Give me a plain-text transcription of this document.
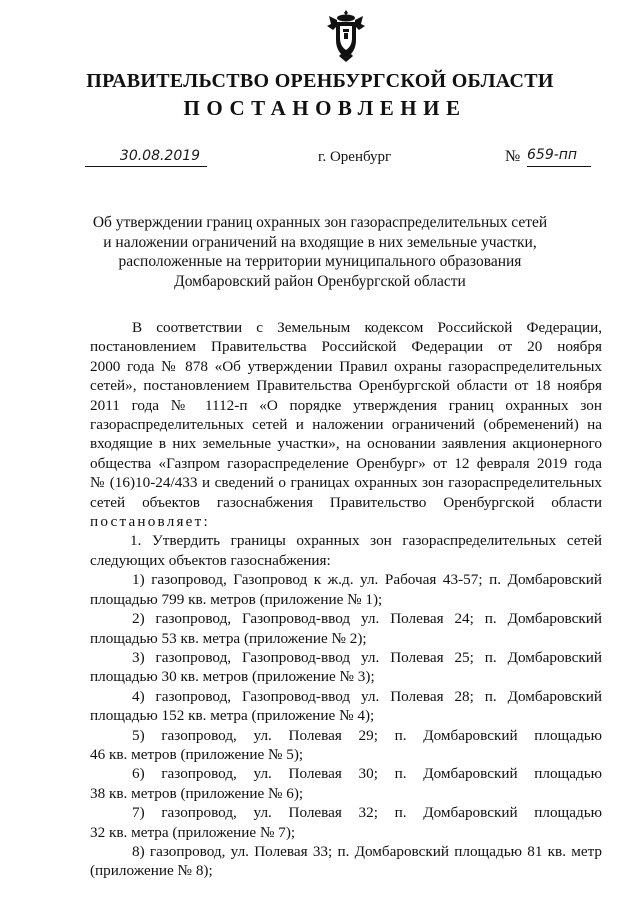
ПРАВИТЕЛЬСТВО ОРЕНБУРГСКОЙ ОБЛАСТИ
ПОСТАНОВЛЕНИЕ
30.08.2019	г. Оренбург	№ 659-пп
Об утверждении границ охранных зон газораспределительных сетей
и наложении ограничений на входящие в них земельные участки,
расположенные на территории муниципального образования
Домбаровский район Оренбургской области
В соответствии с Земельным кодексом Российской Федерации,
постановлением Правительства Российской Федерации от 20 ноября
2000 года № 878 «Об утверждении Правил охраны газораспределительных
сетей», постановлением Правительства Оренбургской области от 18 ноября
2011 года № 1112-п «О порядке утверждения границ охранных зон
газораспределительных сетей и наложении ограничений (обременений) на
входящие в них земельные участки», на основании заявления акционерного
общества «Газпром газораспределение Оренбург» от 12 февраля 2019 года
№ (16)10-24/433 и сведений о границах охранных зон газораспределительных
сетей объектов газоснабжения Правительство Оренбургской области
постановляет:
1. Утвердить границы охранных зон газораспределительных сетей
следующих объектов газоснабжения:
1) газопровод, Газопровод к ж.д. ул. Рабочая 43-57; п. Домбаровский
площадью 799 кв. метров (приложение № 1);
2) газопровод, Газопровод-ввод ул. Полевая 24; п. Домбаровский
площадью 53 кв. метра (приложение № 2);
3) газопровод, Газопровод-ввод ул. Полевая 25; п. Домбаровский
площадью 30 кв. метров (приложение № 3);
4) газопровод, Газопровод-ввод ул. Полевая 28; п. Домбаровский
площадью 152 кв. метра (приложение № 4);
5) газопровод, ул. Полевая 29; п. Домбаровский площадью
46 кв. метров (приложение № 5);
6) газопровод, ул. Полевая 30; п. Домбаровский площадью
38 кв. метров (приложение № 6);
7) газопровод, ул. Полевая 32; п. Домбаровский площадью
32 кв. метра (приложение № 7);
8) газопровод, ул. Полевая 33; п. Домбаровский площадью 81 кв. метр
(приложение № 8);
